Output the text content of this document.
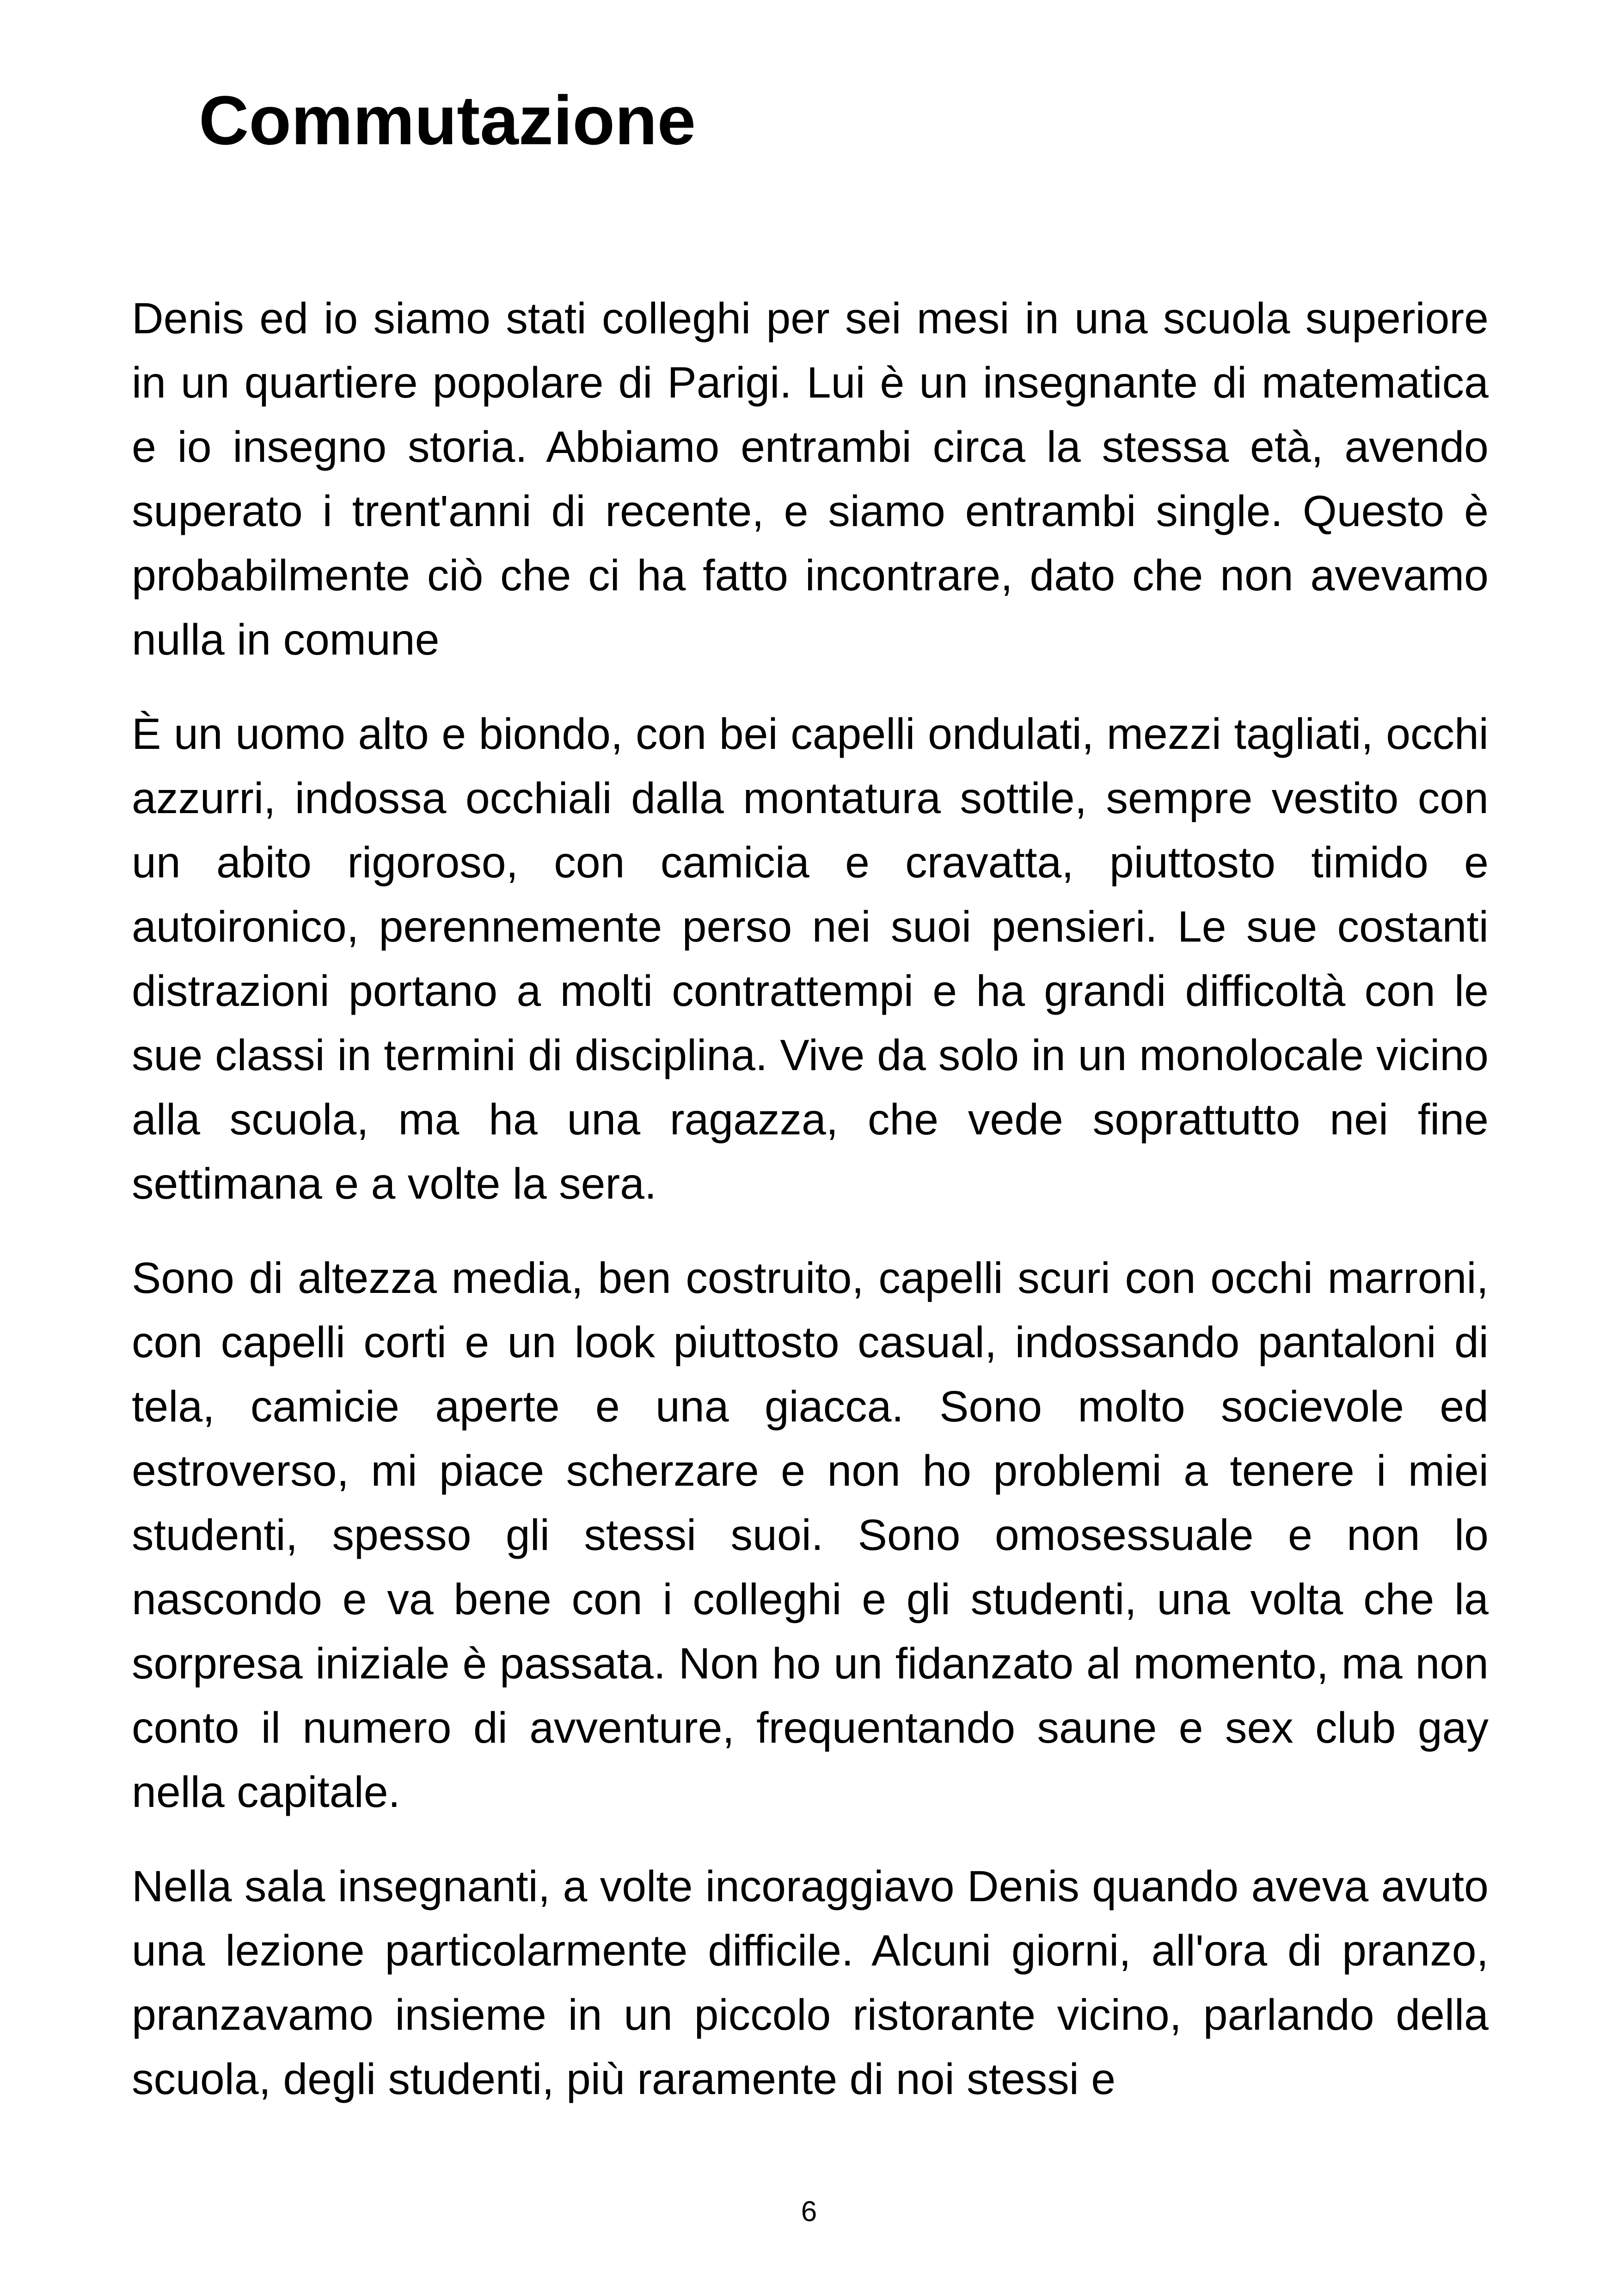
Commutazione

Denis ed io siamo stati colleghi per sei mesi in una scuola superiore in un quartiere popolare di Parigi. Lui è un insegnante di matematica e io insegno storia. Abbiamo entrambi circa la stessa età, avendo superato i trent'anni di recente, e siamo entrambi single. Questo è probabilmente ciò che ci ha fatto incontrare, dato che non avevamo nulla in comune

È un uomo alto e biondo, con bei capelli ondulati, mezzi tagliati, occhi azzurri, indossa occhiali dalla montatura sottile, sempre vestito con un abito rigoroso, con camicia e cravatta, piuttosto timido e autoironico, perennemente perso nei suoi pensieri. Le sue costanti distrazioni portano a molti contrattempi e ha grandi difficoltà con le sue classi in termini di disciplina. Vive da solo in un monolocale vicino alla scuola, ma ha una ragazza, che vede soprattutto nei fine settimana e a volte la sera.

Sono di altezza media, ben costruito, capelli scuri con occhi marroni, con capelli corti e un look piuttosto casual, indossando pantaloni di tela, camicie aperte e una giacca. Sono molto socievole ed estroverso, mi piace scherzare e non ho problemi a tenere i miei studenti, spesso gli stessi suoi. Sono omosessuale e non lo nascondo e va bene con i colleghi e gli studenti, una volta che la sorpresa iniziale è passata. Non ho un fidanzato al momento, ma non conto il numero di avventure, frequentando saune e sex club gay nella capitale.

Nella sala insegnanti, a volte incoraggiavo Denis quando aveva avuto una lezione particolarmente difficile. Alcuni giorni, all'ora di pranzo, pranzavamo insieme in un piccolo ristorante vicino, parlando della scuola, degli studenti, più raramente di noi stessi e

6
